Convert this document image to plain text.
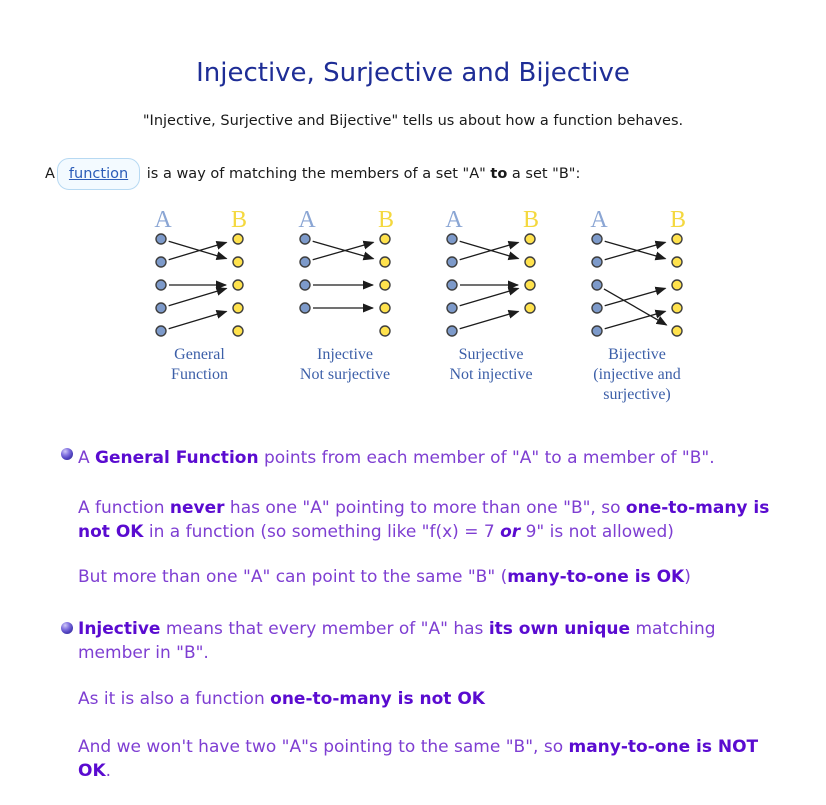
Injective, Surjective and Bijective

"Injective, Surjective and Bijective" tells us about how a function behaves.

A function is a way of matching the members of a set "A" to a set "B":

A B
General
Function
A	B
Injective
Not surjective
A	B
Surjective
Not injective
A	B
Bijective
(injective and
surjective)

A General Function points from each member of "A" to a member of "B".

A function never has one "A" pointing to more than one "B", so one-to-many is
not OK in a function (so something like "f(x) = 7 or 9" is not allowed)

But more than one "A" can point to the same "B" (many-to-one is OK)

Injective means that every member of "A" has its own unique matching
member in "B".

As it is also a function one-to-many is not OK

And we won't have two "A"s pointing to the same "B", so many-to-one is NOT
OK.
